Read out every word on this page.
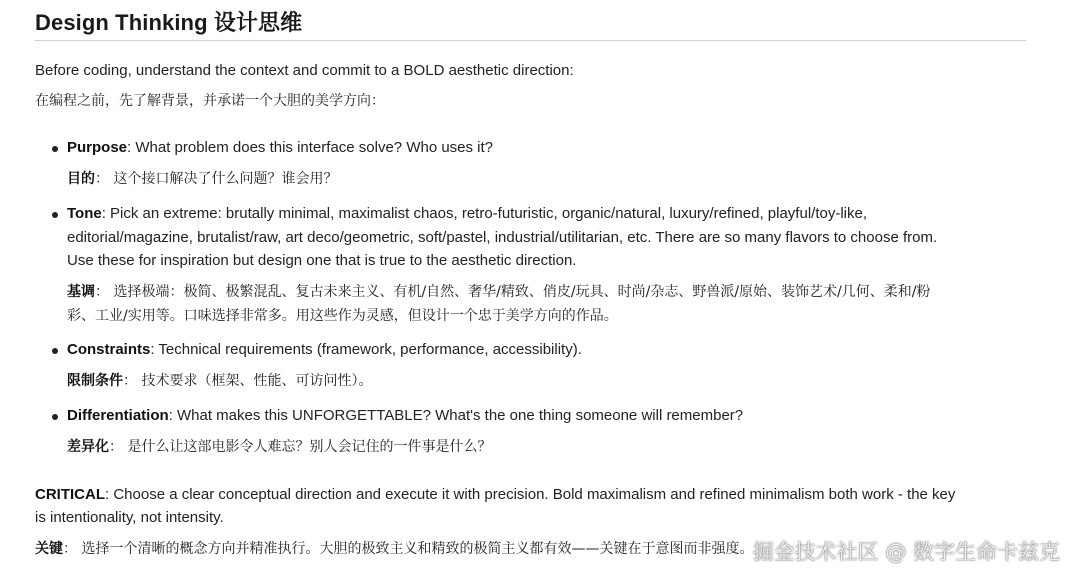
Design Thinking 设计思维
Before coding, understand the context and commit to a BOLD aesthetic direction:
在编程之前，先了解背景，并承诺一个大胆的美学方向：
Purpose: What problem does this interface solve? Who uses it?
目的： 这个接口解决了什么问题？谁会用？
Tone: Pick an extreme: brutally minimal, maximalist chaos, retro-futuristic, organic/natural, luxury/refined, playful/toy-like,
editorial/magazine, brutalist/raw, art deco/geometric, soft/pastel, industrial/utilitarian, etc. There are so many flavors to choose from.
Use these for inspiration but design one that is true to the aesthetic direction.
基调： 选择极端：极简、极繁混乱、复古未来主义、有机/自然、奢华/精致、俏皮/玩具、时尚/杂志、野兽派/原始、装饰艺术/几何、柔和/粉
彩、工业/实用等。口味选择非常多。用这些作为灵感，但设计一个忠于美学方向的作品。
Constraints: Technical requirements (framework, performance, accessibility).
限制条件： 技术要求（框架、性能、可访问性）。
Differentiation: What makes this UNFORGETTABLE? What's the one thing someone will remember?
差异化： 是什么让这部电影令人难忘？别人会记住的一件事是什么？
CRITICAL: Choose a clear conceptual direction and execute it with precision. Bold maximalism and refined minimalism both work - the key
is intentionality, not intensity.
关键： 选择一个清晰的概念方向并精准执行。大胆的极致主义和精致的极简主义都有效——关键在于意图而非强度。 掘金技术社区 @ 数字生命卡兹克
